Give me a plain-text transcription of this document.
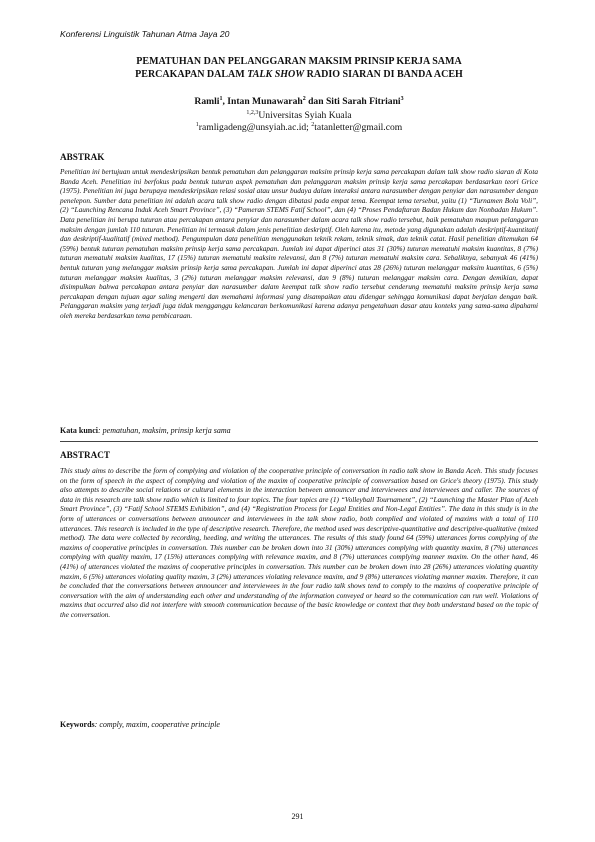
Konferensi Linguistik Tahunan Atma Jaya 20
PEMATUHAN DAN PELANGGARAN MAKSIM PRINSIP KERJA SAMA
PERCAKAPAN DALAM TALK SHOW RADIO SIARAN DI BANDA ACEH
Ramli$^1$, Intan Munawarah$^2$ dan Siti Sarah Fitriani$^3$
$^{1,2,3}$Universitas Syiah Kuala
$^1$ramligadeng@unsyiah.ac.id; $^2$tatanletter@gmail.com
ABSTRAK
Penelitian ini bertujuan untuk mendeskripsikan bentuk pematuhan dan pelanggaran maksim prinsip kerja sama percakapan dalam talk show radio siaran di Kota Banda Aceh. Penelitian ini berfokus pada bentuk tuturan aspek pematuhan dan pelanggaran maksim prinsip kerja sama percakapan berdasarkan teori Grice (1975). Penelitian ini juga berupaya mendeskripsikan relasi sosial atau unsur budaya dalam interaksi antara narasumber dengan penyiar dan narasumber dengan penelepon. Sumber data penelitian ini adalah acara talk show radio dengan dibatasi pada empat tema. Keempat tema tersebut, yaitu (1) “Turnamen Bola Voli”, (2) “Launching Rencana Induk Aceh Smart Province”, (3) “Pameran STEMS Fatif School”, dan (4) “Proses Pendaftaran Badan Hukum dan Nonbadan Hukum”. Data penelitian ini berupa tuturan atau percakapan antara penyiar dan narasumber dalam acara talk show radio tersebut, baik pematuhan maupun pelanggaran maksim dengan jumlah 110 tuturan. Penelitian ini termasuk dalam jenis penelitian deskriptif. Oleh karena itu, metode yang digunakan adalah deskriptif-kuantitatif dan deskriptif-kualitatif (mixed method). Pengumpulan data penelitian menggunakan teknik rekam, teknik simak, dan teknik catat. Hasil penelitian ditemukan 64 (59%) bentuk tuturan pematuhan maksim prinsip kerja sama percakapan. Jumlah ini dapat diperinci atas 31 (30%) tuturan mematuhi maksim kuantitas, 8 (7%) tuturan mematuhi maksim kualitas, 17 (15%) tuturan mematuhi maksim relevansi, dan 8 (7%) tuturan mematuhi maksim cara. Sebaliknya, sebanyak 46 (41%) bentuk tuturan yang melanggar maksim prinsip kerja sama percakapan. Jumlah ini dapat diperinci atas 28 (26%) tuturan melanggar maksim kuantitas, 6 (5%) tuturan melanggar maksim kualitas, 3 (2%) tuturan melanggar maksim relevansi, dan 9 (8%) tuturan melanggar maksim cara. Dengan demikian, dapat disimpulkan bahwa percakapan antara penyiar dan narasumber dalam keempat talk show radio tersebut cenderung mematuhi maksim prinsip kerja sama percakapan dengan tujuan agar saling mengerti dan memahami informasi yang disampaikan atau didengar sehingga komunikasi dapat berjalan dengan baik. Pelanggaran maksim yang terjadi juga tidak mengganggu kelancaran berkomunikasi karena adanya pengetahuan dasar atau konteks yang sama-sama dipahami oleh mereka berdasarkan tema pembicaraan.
Kata kunci: pematuhan, maksim, prinsip kerja sama
ABSTRACT
This study aims to describe the form of complying and violation of the cooperative principle of conversation in radio talk show in Banda Aceh. This study focuses on the form of speech in the aspect of complying and violation of the maxim of cooperative principle of conversation based on Grice's theory (1975). This study also attempts to describe social relations or cultural elements in the interaction between announcer and interviewees and interviewees and caller. The sources of data in this research are talk show radio which is limited to four topics. The four topics are (1) “Volleyball Tournament”, (2) “Launching the Master Plan of Aceh Smart Province”, (3) “Fatif School STEMS Exhibition”, and (4) “Registration Process for Legal Entities and Non-Legal Entities”. The data in this study is in the form of utterances or conversations between announcer and interviewees in the talk show radio, both complied and violated of maxims with a total of 110 utterances. This research is included in the type of descriptive research. Therefore, the method used was descriptive-quantitative and descriptive-qualitative (mixed method). The data were collected by recording, heeding, and writing the utterances. The results of this study found 64 (59%) utterances forms complying of the maxims of cooperative principles in conversation. This number can be broken down into 31 (30%) utterances complying with quantity maxim, 8 (7%) utterances complying with quality maxim, 17 (15%) utterances complying with relevance maxim, and 8 (7%) utterances complying manner maxim. On the other hand, 46 (41%) of utterances violated the maxims of cooperative principles in conversation. This number can be broken down into 28 (26%) utterances violating quantity maxim, 6 (5%) utterances violating quality maxim, 3 (2%) utterances violating relevance maxim, and 9 (8%) utterances violating manner maxim. Therefore, it can be concluded that the conversations between announcer and interviewees in the four radio talk shows tend to comply to the maxims of cooperative principle of conversation with the aim of understanding each other and understanding of the information conveyed or heard so the communication can run well. Violations of maxims that occurred also did not interfere with smooth communication because of the basic knowledge or context that they both understand based on the topic of the conversation.
Keywords: comply, maxim, cooperative principle
291
